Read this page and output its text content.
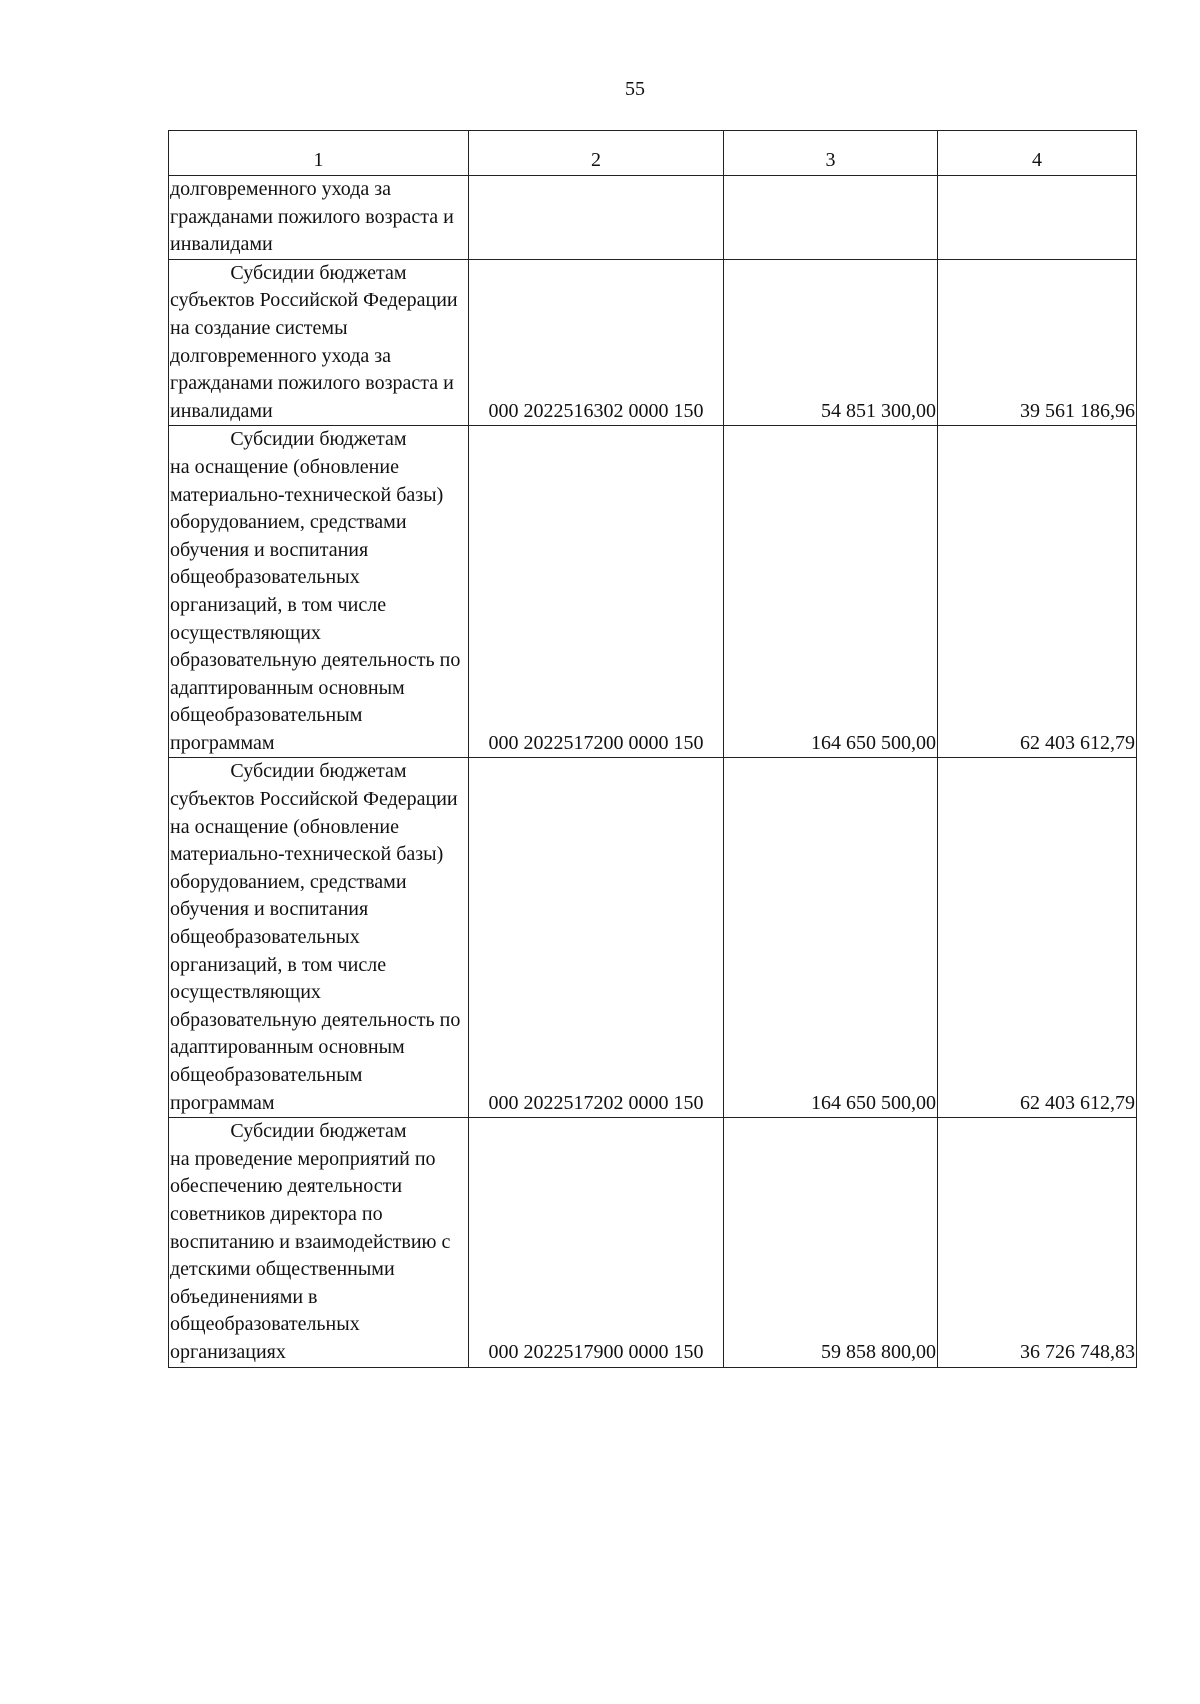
55
1	2	3	4
долговременного ухода за гражданами пожилого возраста и инвалидами			

Субсидии бюджетам
субъектов Российской Федерации на создание системы долговременного ухода за гражданами пожилого возраста и инвалидами	000 2022516302 0000 150	54 851 300,00	39 561 186,96

Субсидии бюджетам
на оснащение (обновление материально-технической базы) оборудованием, средствами обучения и воспитания общеобразовательных организаций, в том числе осуществляющих образовательную деятельность по адаптированным основным общеобразовательным программам	000 2022517200 0000 150	164 650 500,00	62 403 612,79

Субсидии бюджетам
субъектов Российской Федерации на оснащение (обновление материально-технической базы) оборудованием, средствами обучения и воспитания общеобразовательных организаций, в том числе осуществляющих образовательную деятельность по адаптированным основным общеобразовательным программам	000 2022517202 0000 150	164 650 500,00	62 403 612,79

Субсидии бюджетам
на проведение мероприятий по обеспечению деятельности советников директора по воспитанию и взаимодействию с детскими общественными объединениями в общеобразовательных организациях	000 2022517900 0000 150	59 858 800,00	36 726 748,83
